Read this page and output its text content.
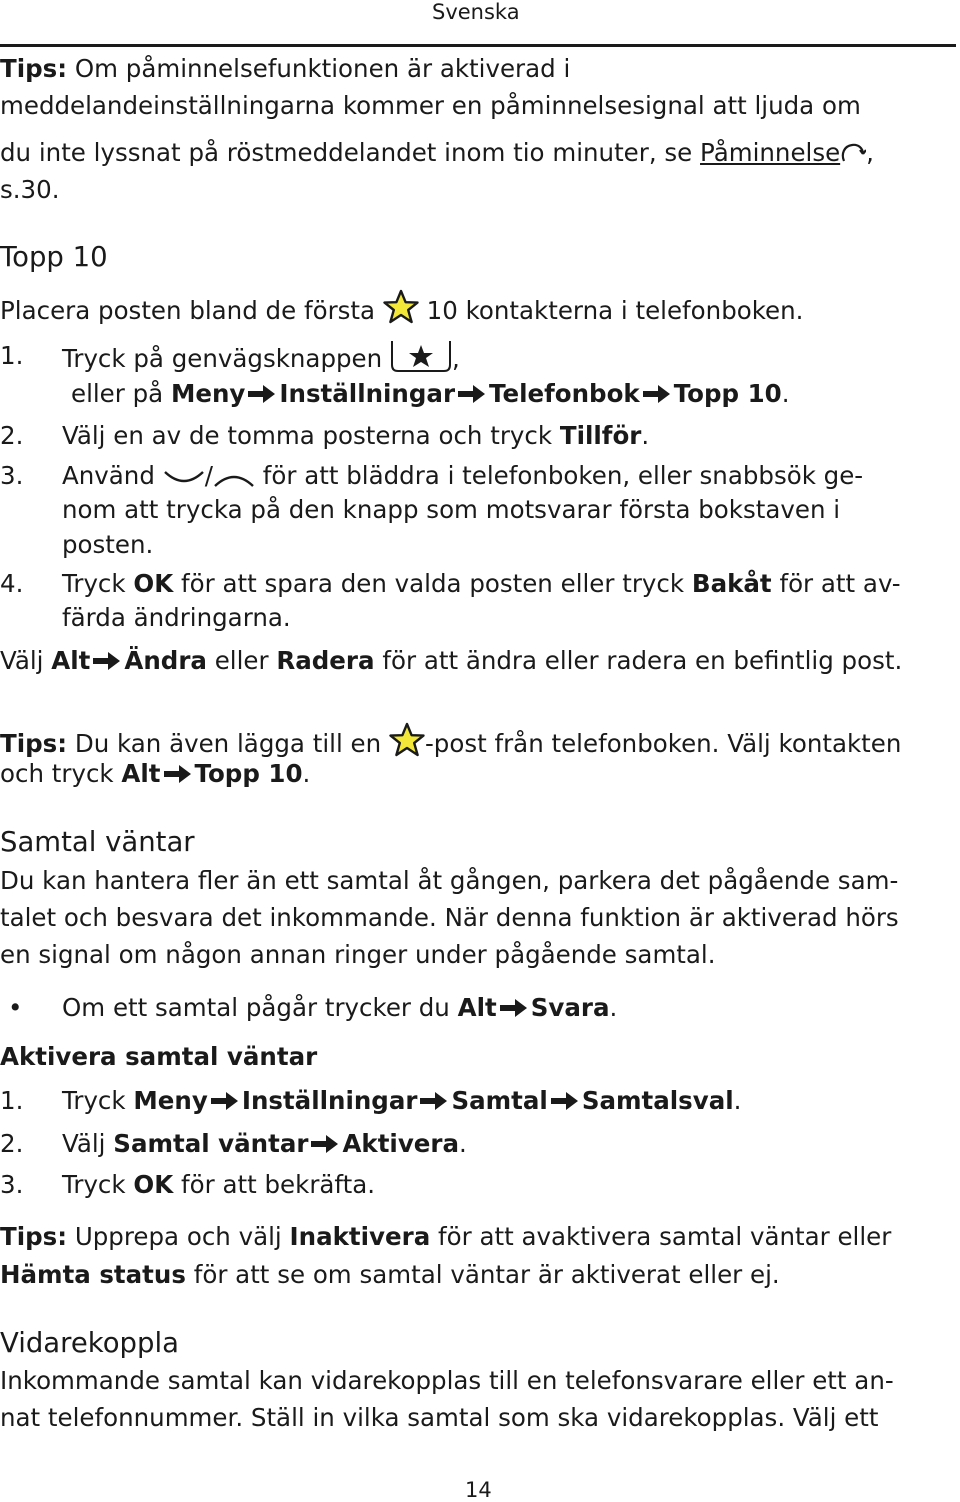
Svenska
Tips: Om påminnelsefunktionen är aktiverad i
meddelandeinställningarna kommer en påminnelsesignal att ljuda om
du inte lyssnat på röstmeddelandet inom tio minuter, se Påminnelse ,
s.30.
Topp 10
Placera posten bland de första 10 kontakterna i telefonboken.
1. Tryck på genvägsknappen	,
eller på Meny Inställningar Telefonbok Topp 10.
2. Välj en av de tomma posterna och tryck Tillför.
3. Använd / för att bläddra i telefonboken, eller snabbsök ge-
nom att trycka på den knapp som motsvarar första bokstaven i
posten.
4. Tryck OK för att spara den valda posten eller tryck Bakåt för att av-
färda ändringarna.
Välj Alt Ändra eller Radera för att ändra eller radera en befintlig post.
Tips: Du kan även lägga till en -post från telefonboken. Välj kontakten
och tryck Alt Topp 10.
Samtal väntar
Du kan hantera fler än ett samtal åt gången, parkera det pågående sam-
talet och besvara det inkommande. När denna funktion är aktiverad hörs
en signal om någon annan ringer under pågående samtal.
• Om ett samtal pågår trycker du Alt Svara.
Aktivera samtal väntar
1. Tryck Meny Inställningar Samtal Samtalsval.
2. Välj Samtal väntar Aktivera.
3. Tryck OK för att bekräfta.
Tips: Upprepa och välj Inaktivera för att avaktivera samtal väntar eller
Hämta status för att se om samtal väntar är aktiverat eller ej.
Vidarekoppla
Inkommande samtal kan vidarekopplas till en telefonsvarare eller ett an-
nat telefonnummer. Ställ in vilka samtal som ska vidarekopplas. Välj ett
14
